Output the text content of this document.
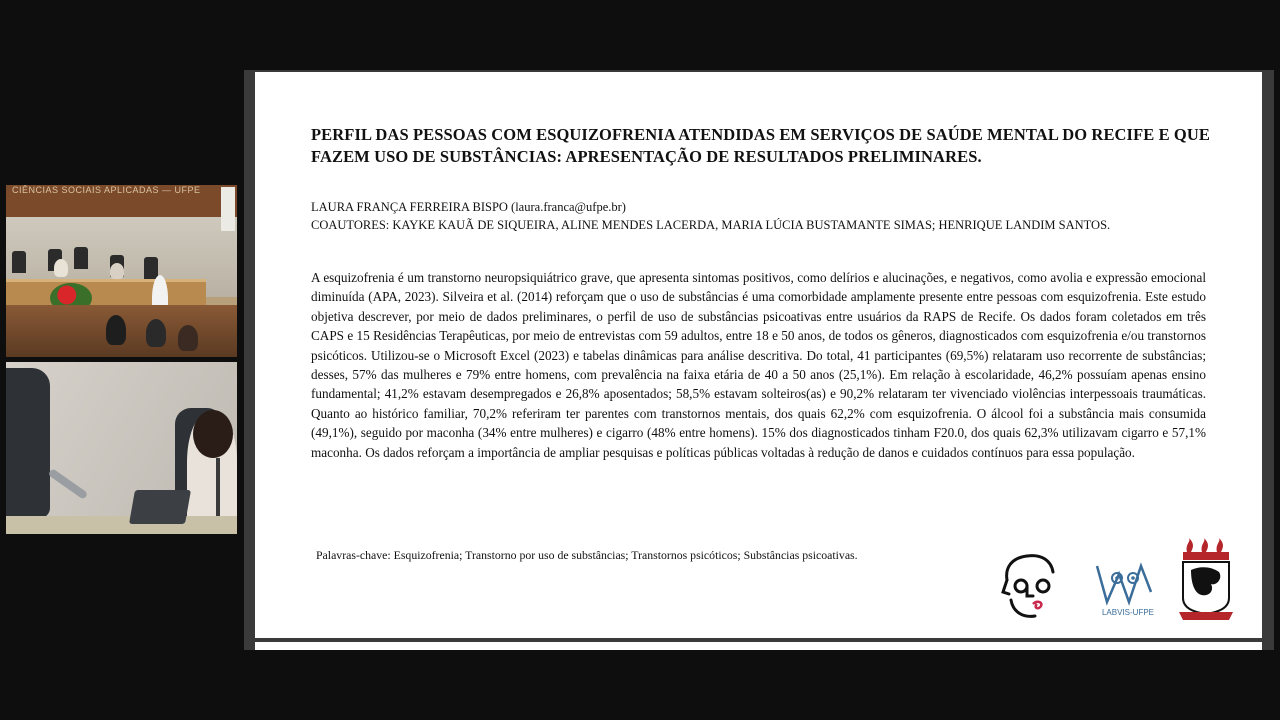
CIÊNCIAS SOCIAIS APLICADAS — UFPE
PERFIL DAS PESSOAS COM ESQUIZOFRENIA ATENDIDAS EM SERVIÇOS DE SAÚDE MENTAL DO RECIFE E QUE FAZEM USO DE SUBSTÂNCIAS: APRESENTAÇÃO DE RESULTADOS PRELIMINARES.
LAURA FRANÇA FERREIRA BISPO (laura.franca@ufpe.br)
COAUTORES: KAYKE KAUÃ DE SIQUEIRA, ALINE MENDES LACERDA, MARIA LÚCIA BUSTAMANTE SIMAS; HENRIQUE LANDIM SANTOS.
A esquizofrenia é um transtorno neuropsiquiátrico grave, que apresenta sintomas positivos, como delírios e alucinações, e negativos, como avolia e expressão emocional diminuída (APA, 2023). Silveira et al. (2014) reforçam que o uso de substâncias é uma comorbidade amplamente presente entre pessoas com esquizofrenia. Este estudo objetiva descrever, por meio de dados preliminares, o perfil de uso de substâncias psicoativas entre usuários da RAPS de Recife. Os dados foram coletados em três CAPS e 15 Residências Terapêuticas, por meio de entrevistas com 59 adultos, entre 18 e 50 anos, de todos os gêneros, diagnosticados com esquizofrenia e/ou transtornos psicóticos. Utilizou-se o Microsoft Excel (2023) e tabelas dinâmicas para análise descritiva. Do total, 41 participantes (69,5%) relataram uso recorrente de substâncias; desses, 57% das mulheres e 79% entre homens, com prevalência na faixa etária de 40 a 50 anos (25,1%). Em relação à escolaridade, 46,2% possuíam apenas ensino fundamental; 41,2% estavam desempregados e 26,8% aposentados; 58,5% estavam solteiros(as) e 90,2% relataram ter vivenciado violências interpessoais traumáticas. Quanto ao histórico familiar, 70,2% referiram ter parentes com transtornos mentais, dos quais 62,2% com esquizofrenia. O álcool foi a substância mais consumida (49,1%), seguido por maconha (34% entre mulheres) e cigarro (48% entre homens). 15% dos diagnosticados tinham F20.0, dos quais 62,3% utilizavam cigarro e 57,1% maconha. Os dados reforçam a importância de ampliar pesquisas e políticas públicas voltadas à redução de danos e cuidados contínuos para essa população.
Palavras-chave: Esquizofrenia; Transtorno por uso de substâncias; Transtornos psicóticos; Substâncias psicoativas.
LABVIS-UFPE
